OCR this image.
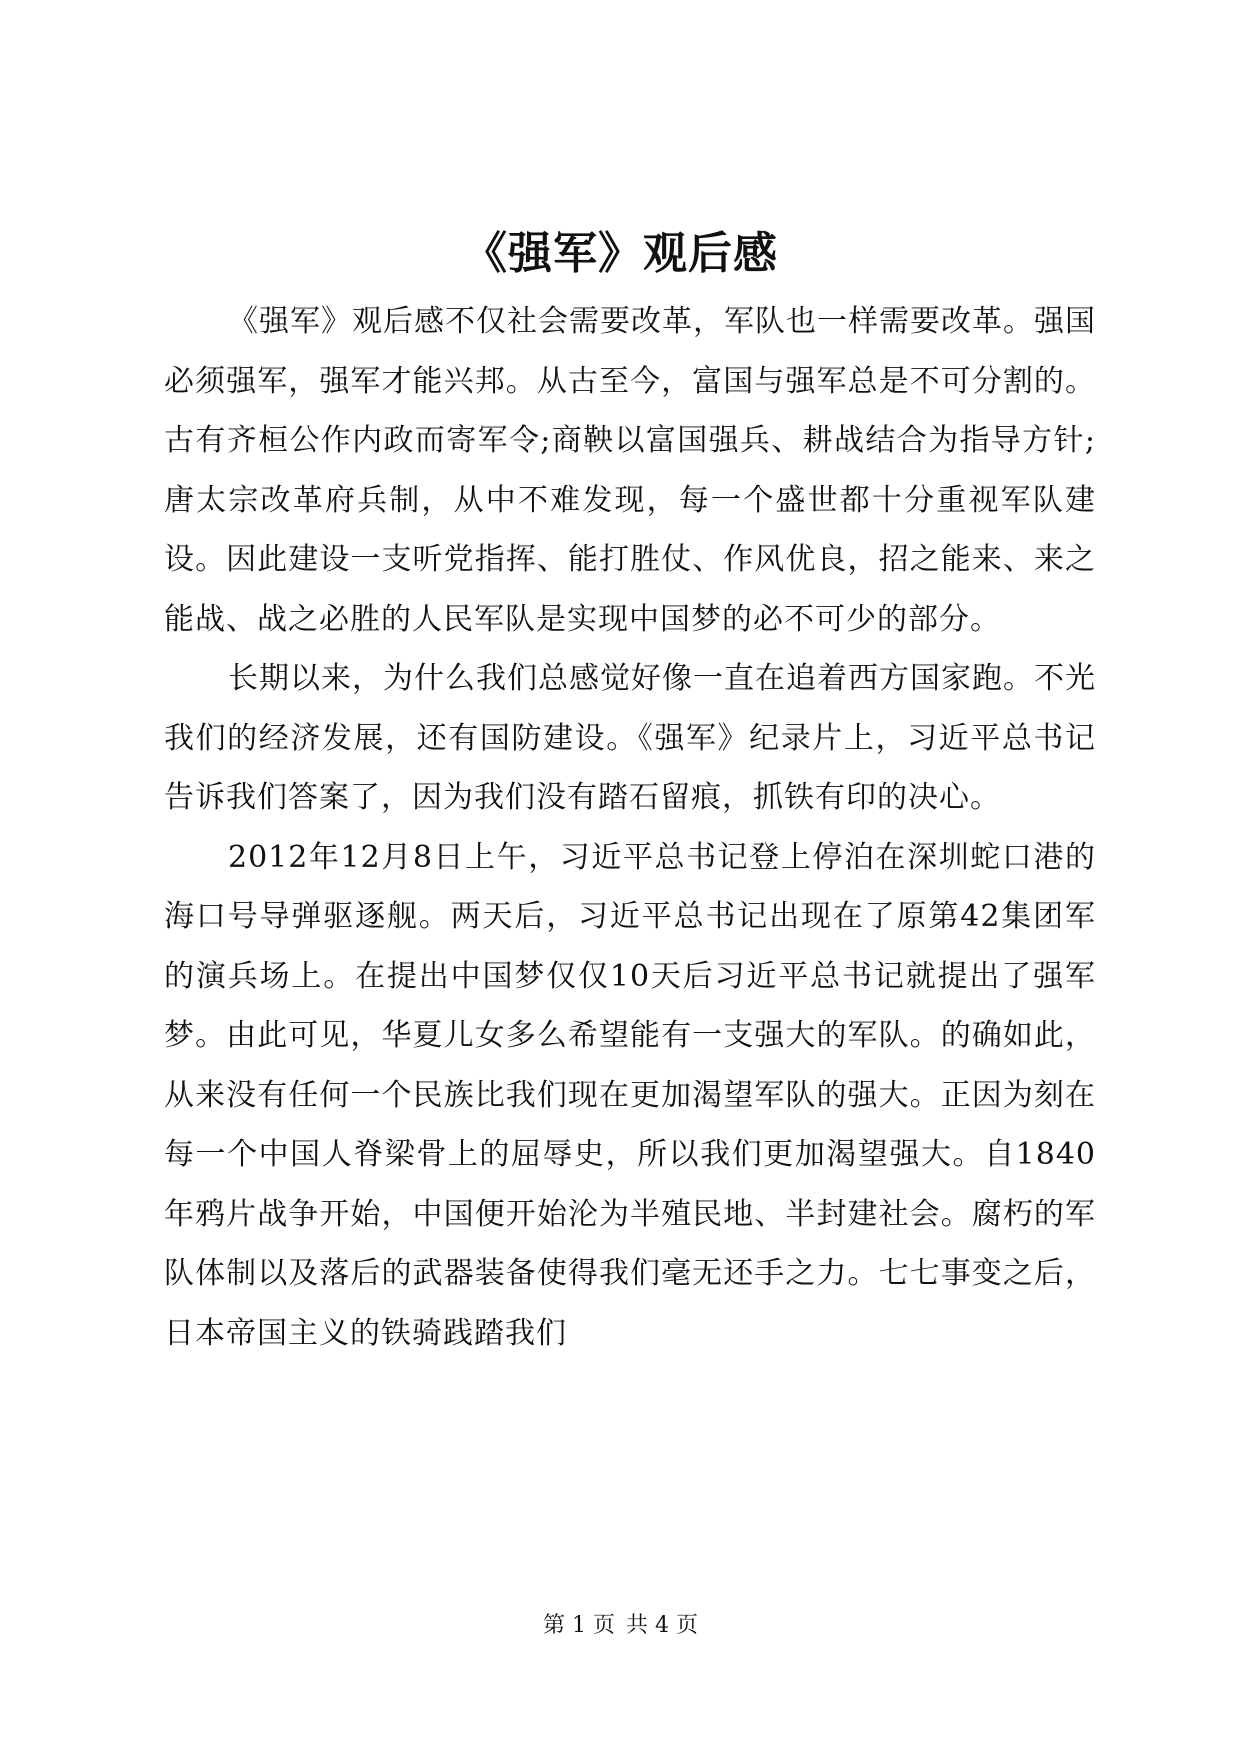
《强军》观后感

《强军》观后感不仅社会需要改革，军队也一样需要改革。强国必须强军，强军才能兴邦。从古至今，富国与强军总是不可分割的。古有齐桓公作内政而寄军令;商鞅以富国强兵、耕战结合为指导方针;唐太宗改革府兵制，从中不难发现，每一个盛世都十分重视军队建设。因此建设一支听党指挥、能打胜仗、作风优良，招之能来、来之能战、战之必胜的人民军队是实现中国梦的必不可少的部分。

长期以来，为什么我们总感觉好像一直在追着西方国家跑。不光我们的经济发展，还有国防建设。《强军》纪录片上，习近平总书记告诉我们答案了，因为我们没有踏石留痕，抓铁有印的决心。

2012年12月8日上午，习近平总书记登上停泊在深圳蛇口港的海口号导弹驱逐舰。两天后，习近平总书记出现在了原第42集团军的演兵场上。在提出中国梦仅仅10天后习近平总书记就提出了强军梦。由此可见，华夏儿女多么希望能有一支强大的军队。的确如此，从来没有任何一个民族比我们现在更加渴望军队的强大。正因为刻在每一个中国人脊梁骨上的屈辱史，所以我们更加渴望强大。自1840年鸦片战争开始，中国便开始沦为半殖民地、半封建社会。腐朽的军队体制以及落后的武器装备使得我们毫无还手之力。七七事变之后，日本帝国主义的铁骑践踏我们

第 1 页 共 4 页
